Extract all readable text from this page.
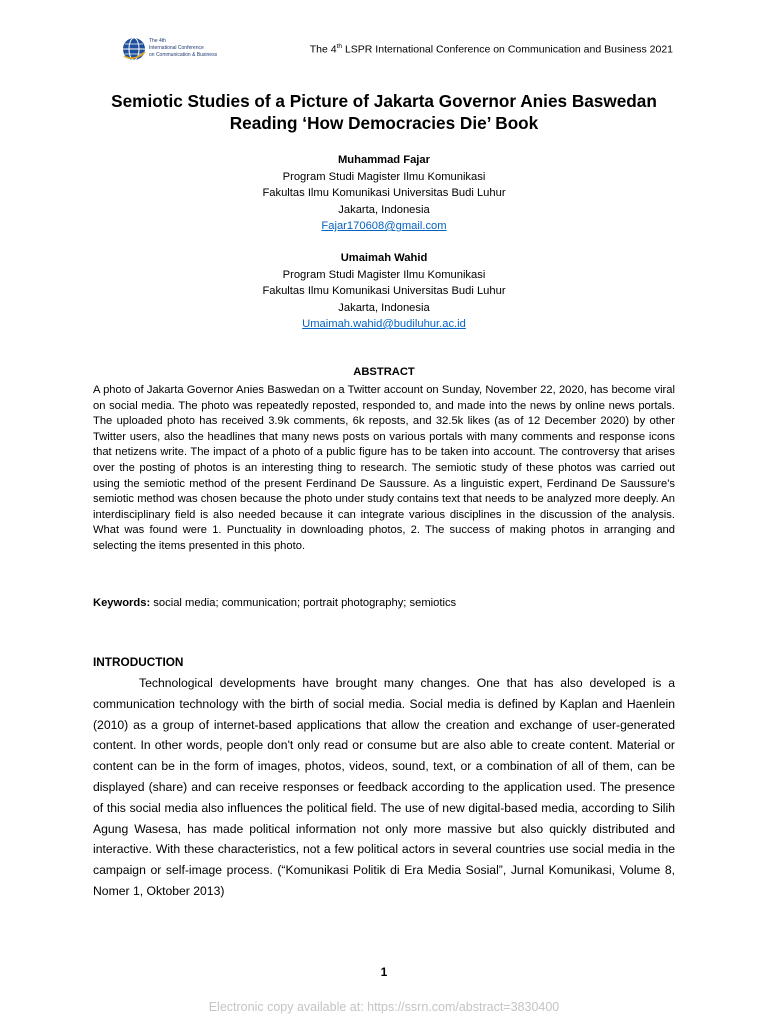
The 4th
International Conference
on Communication & Business	The 4th LSPR International Conference on Communication and Business 2021
Semiotic Studies of a Picture of Jakarta Governor Anies Baswedan
Reading ‘How Democracies Die’ Book
Muhammad Fajar
Program Studi Magister Ilmu Komunikasi
Fakultas Ilmu Komunikasi Universitas Budi Luhur
Jakarta, Indonesia
Fajar170608@gmail.com
Umaimah Wahid
Program Studi Magister Ilmu Komunikasi
Fakultas Ilmu Komunikasi Universitas Budi Luhur
Jakarta, Indonesia
Umaimah.wahid@budiluhur.ac.id
ABSTRACT
A photo of Jakarta Governor Anies Baswedan on a Twitter account on Sunday, November 22, 2020, has become viral on social media. The photo was repeatedly reposted, responded to, and made into the news by online news portals. The uploaded photo has received 3.9k comments, 6k reposts, and 32.5k likes (as of 12 December 2020) by other Twitter users, also the headlines that many news posts on various portals with many comments and response icons that netizens write. The impact of a photo of a public figure has to be taken into account. The controversy that arises over the posting of photos is an interesting thing to research. The semiotic study of these photos was carried out using the semiotic method of the present Ferdinand De Saussure. As a linguistic expert, Ferdinand De Saussure's semiotic method was chosen because the photo under study contains text that needs to be analyzed more deeply. An interdisciplinary field is also needed because it can integrate various disciplines in the discussion of the analysis. What was found were 1. Punctuality in downloading photos, 2. The success of making photos in arranging and selecting the items presented in this photo.
Keywords: social media; communication; portrait photography; semiotics
INTRODUCTION
Technological developments have brought many changes. One that has also developed is a communication technology with the birth of social media. Social media is defined by Kaplan and Haenlein (2010) as a group of internet-based applications that allow the creation and exchange of user-generated content. In other words, people don't only read or consume but are also able to create content. Material or content can be in the form of images, photos, videos, sound, text, or a combination of all of them, can be displayed (share) and can receive responses or feedback according to the application used. The presence of this social media also influences the political field. The use of new digital-based media, according to Silih Agung Wasesa, has made political information not only more massive but also quickly distributed and interactive. With these characteristics, not a few political actors in several countries use social media in the campaign or self-image process. (“Komunikasi Politik di Era Media Sosial”, Jurnal Komunikasi, Volume 8, Nomer 1, Oktober 2013)
1
Electronic copy available at: https://ssrn.com/abstract=3830400
